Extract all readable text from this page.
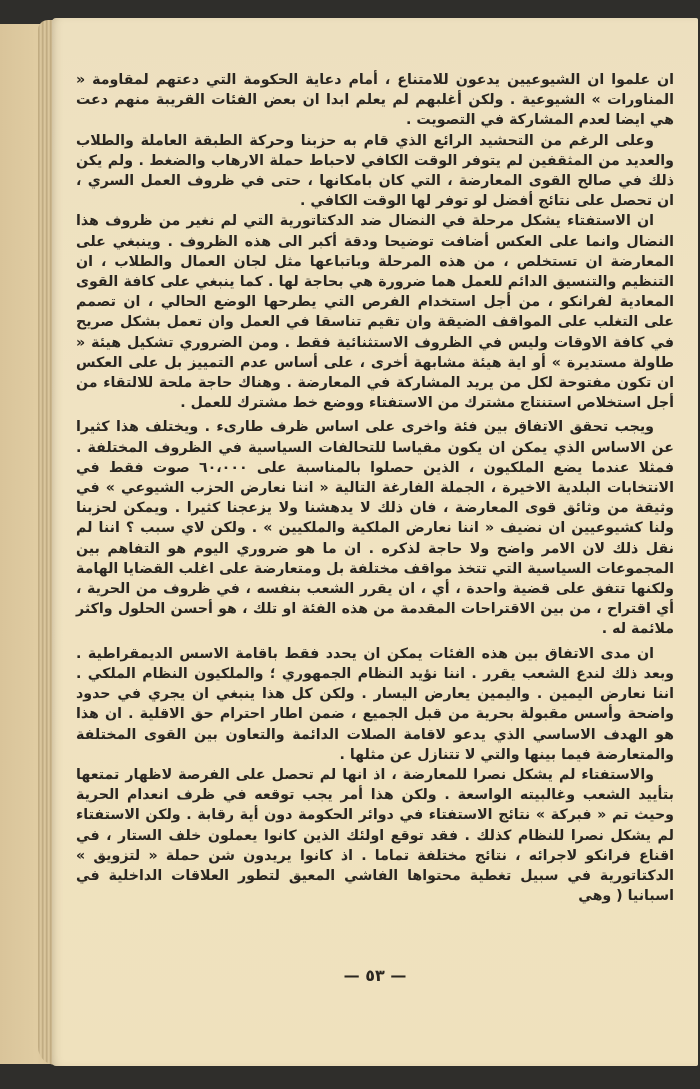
ان علموا ان الشيوعيين يدعون للامتناع ، أمام دعاية الحكومة التي دعتهم لمقاومة « المناورات » الشيوعية . ولكن أغلبهم لم يعلم ابدا ان بعض الفئات القريبة منهم دعت هي ايضا لعدم المشاركة في التصويت .

وعلى الرغم من التحشيد الرائع الذي قام به حزبنا وحركة الطبقة العاملة والطلاب والعديد من المثقفين لم يتوفر الوقت الكافي لاحباط حملة الارهاب والضغط . ولم يكن ذلك في صالح القوى المعارضة ، التي كان بامكانها ، حتى في ظروف العمل السري ، ان تحصل على نتائج أفضل لو توفر لها الوقت الكافي .

ان الاستفتاء يشكل مرحلة في النضال ضد الدكتاتورية التي لم نغير من ظروف هذا النضال وانما على العكس أضافت توضيحا ودقة أكبر الى هذه الظروف . وينبغي على المعارضة ان تستخلص ، من هذه المرحلة وباتباعها مثل لجان العمال والطلاب ، ان التنظيم والتنسيق الدائم للعمل هما ضرورة هي بحاجة لها . كما ينبغي على كافة القوى المعادية لفرانكو ، من أجل استخدام الفرص التي يطرحها الوضع الحالي ، ان تصمم على التغلب على المواقف الضيقة وان تقيم تناسقا في العمل وان تعمل بشكل صريح في كافة الاوقات وليس في الظروف الاستثنائية فقط . ومن الضروري تشكيل هيئة « طاولة مستديرة » أو اية هيئة مشابهة أخرى ، على أساس عدم التمييز بل على العكس ان تكون مفتوحة لكل من يريد المشاركة في المعارضة . وهناك حاجة ملحة للالتقاء من أجل استخلاص استنتاج مشترك من الاستفتاء ووضع خط مشترك للعمل .

ويجب تحقق الاتفاق بين فئة واخرى على اساس ظرف طارىء . ويختلف هذا كثيرا عن الاساس الذي يمكن ان يكون مقياسا للتحالفات السياسية في الظروف المختلفة . فمثلا عندما يضع الملكيون ، الذين حصلوا بالمناسبة على ٦٠،٠٠٠ صوت فقط في الانتخابات البلدية الاخيرة ، الجملة الفارغة التالية « اننا نعارض الحزب الشيوعي » في وثيقة من وثائق قوى المعارضة ، فان ذلك لا يدهشنا ولا يزعجنا كثيرا . ويمكن لحزبنا ولنا كشيوعيين ان نضيف « اننا نعارض الملكية والملكيين » . ولكن لاي سبب ؟ اننا لم نقل ذلك لان الامر واضح ولا حاجة لذكره . ان ما هو ضروري اليوم هو التفاهم بين المجموعات السياسية التي تتخذ مواقف مختلفة بل ومتعارضة على اغلب القضايا الهامة ولكنها تتفق على قضية واحدة ، أي ، ان يقرر الشعب بنفسه ، في ظروف من الحرية ، أي اقتراح ، من بين الاقتراحات المقدمة من هذه الفئة او تلك ، هو أحسن الحلول واكثر ملائمة له .

ان مدى الاتفاق بين هذه الفئات يمكن ان يحدد فقط باقامة الاسس الديمقراطية . وبعد ذلك لندع الشعب يقرر . اننا نؤيد النظام الجمهوري ؛ والملكيون النظام الملكي . اننا نعارض اليمين . واليمين يعارض اليسار . ولكن كل هذا ينبغي ان يجري في حدود واضحة وأسس مقبولة بحرية من قبل الجميع ، ضمن اطار احترام حق الاقلية . ان هذا هو الهدف الاساسي الذي يدعو لاقامة الصلات الدائمة والتعاون بين القوى المختلفة والمتعارضة فيما بينها والتي لا تتنازل عن مثلها .

والاستفتاء لم يشكل نصرا للمعارضة ، اذ انها لم تحصل على الفرصة لاظهار تمتعها بتأييد الشعب وغالبيته الواسعة . ولكن هذا أمر يجب توقعه في ظرف انعدام الحرية وحيث تم « فبركة » نتائج الاستفتاء في دوائر الحكومة دون أية رقابة . ولكن الاستفتاء لم يشكل نصرا للنظام كذلك . فقد توقع اولئك الذين كانوا يعملون خلف الستار ، في اقناع فرانكو لاجرائه ، نتائج مختلفة تماما . اذ كانوا يريدون شن حملة « لتزويق » الدكتاتورية في سبيل تغطية محتواها الفاشي المعيق لتطور العلاقات الداخلية في اسبانيا ( وهي

— ٥٣ —
